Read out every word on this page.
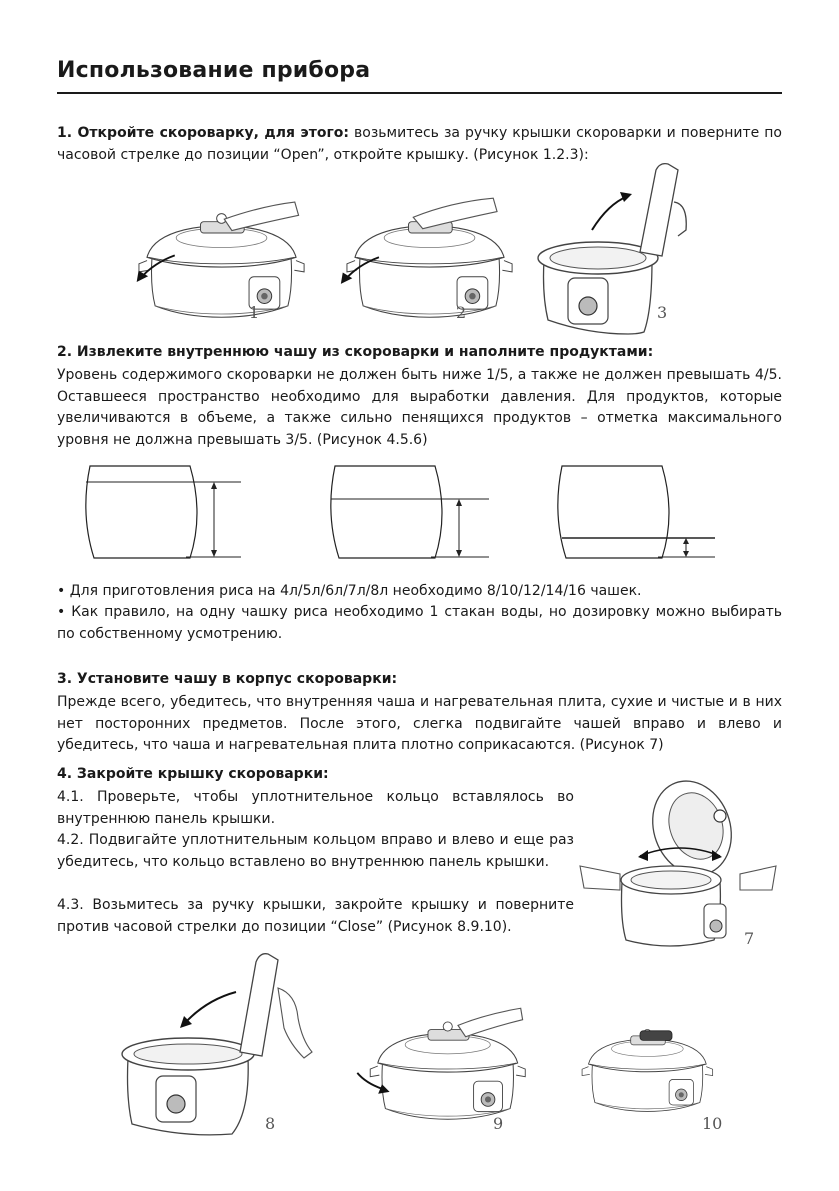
Использование прибора
1. Откройте скороварку, для этого: возьмитесь за ручку крышки скороварки и поверните по часовой стрелке до позиции “Open”, откройте крышку. (Рисунок 1.2.3):
1	2	3
2. Извлеките внутреннюю чашу из скороварки и наполните продуктами:
Уровень содержимого скороварки не должен быть ниже 1/5, а также не должен превышать 4/5. Оставшееся пространство необходимо для выработки давления. Для продуктов, которые увеличиваются в объеме, а также сильно пенящихся продуктов – отметка максимального уровня не должна превышать 3/5. (Рисунок 4.5.6)
• Для приготовления риса на 4л/5л/6л/7л/8л необходимо 8/10/12/14/16 чашек.
• Как правило, на одну чашку риса необходимо 1 стакан воды, но дозировку можно выбирать по собственному усмотрению.
3. Установите чашу в корпус скороварки:
Прежде всего, убедитесь, что внутренняя чаша и нагревательная плита, сухие и чистые и в них нет посторонних предметов. После этого, слегка подвигайте чашей вправо и влево и убедитесь, что чаша и нагревательная плита плотно соприкасаются. (Рисунок 7)
4. Закройте крышку скороварки:
4.1. Проверьте, чтобы уплотнительное кольцо вставлялось во внутреннюю панель крышки.
4.2. Подвигайте уплотнительным кольцом вправо и влево и еще раз убедитесь, что кольцо вставлено во внутреннюю панель крышки.
4.3. Возьмитесь за ручку крышки, закройте крышку и поверните против часовой стрелки до позиции “Close” (Рисунок 8.9.10).
7
8	9	10
